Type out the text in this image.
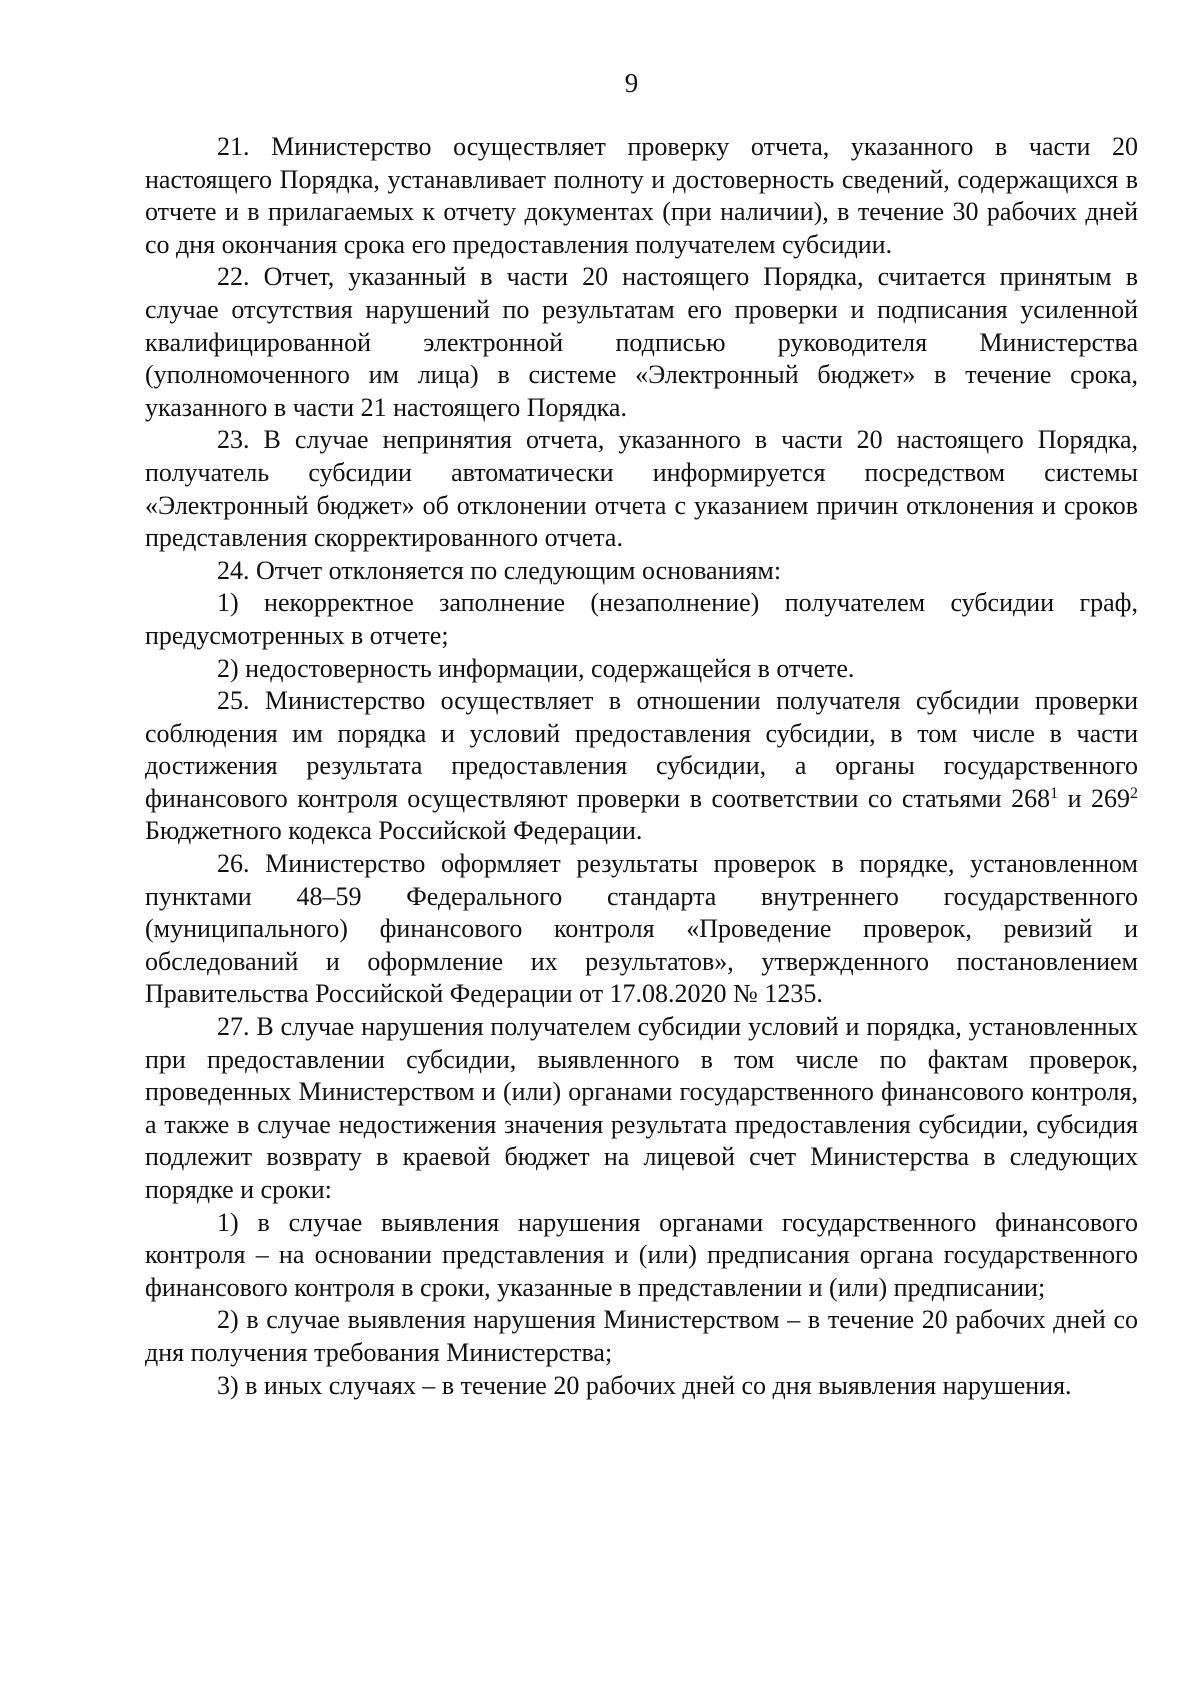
9

21. Министерство осуществляет проверку отчета, указанного в части 20 настоящего Порядка, устанавливает полноту и достоверность сведений, содержащихся в отчете и в прилагаемых к отчету документах (при наличии), в течение 30 рабочих дней со дня окончания срока его предоставления получателем субсидии.

22. Отчет, указанный в части 20 настоящего Порядка, считается принятым в случае отсутствия нарушений по результатам его проверки и подписания усиленной квалифицированной электронной подписью руководителя Министерства (уполномоченного им лица) в системе «Электронный бюджет» в течение срока, указанного в части 21 настоящего Порядка.

23. В случае непринятия отчета, указанного в части 20 настоящего Порядка, получатель субсидии автоматически информируется посредством системы «Электронный бюджет» об отклонении отчета с указанием причин отклонения и сроков представления скорректированного отчета.

24. Отчет отклоняется по следующим основаниям:

1) некорректное заполнение (незаполнение) получателем субсидии граф, предусмотренных в отчете;

2) недостоверность информации, содержащейся в отчете.

25. Министерство осуществляет в отношении получателя субсидии проверки соблюдения им порядка и условий предоставления субсидии, в том числе в части достижения результата предоставления субсидии, а органы государственного финансового контроля осуществляют проверки в соответствии со статьями $268^1$ и $269^2$ Бюджетного кодекса Российской Федерации.

26. Министерство оформляет результаты проверок в порядке, установленном пунктами 48–59 Федерального стандарта внутреннего государственного (муниципального) финансового контроля «Проведение проверок, ревизий и обследований и оформление их результатов», утвержденного постановлением Правительства Российской Федерации от 17.08.2020 № 1235.

27. В случае нарушения получателем субсидии условий и порядка, установленных при предоставлении субсидии, выявленного в том числе по фактам проверок, проведенных Министерством и (или) органами государственного финансового контроля, а также в случае недостижения значения результата предоставления субсидии, субсидия подлежит возврату в краевой бюджет на лицевой счет Министерства в следующих порядке и сроки:

1) в случае выявления нарушения органами государственного финансового контроля – на основании представления и (или) предписания органа государственного финансового контроля в сроки, указанные в представлении и (или) предписании;

2) в случае выявления нарушения Министерством – в течение 20 рабочих дней со дня получения требования Министерства;

3) в иных случаях – в течение 20 рабочих дней со дня выявления нарушения.
